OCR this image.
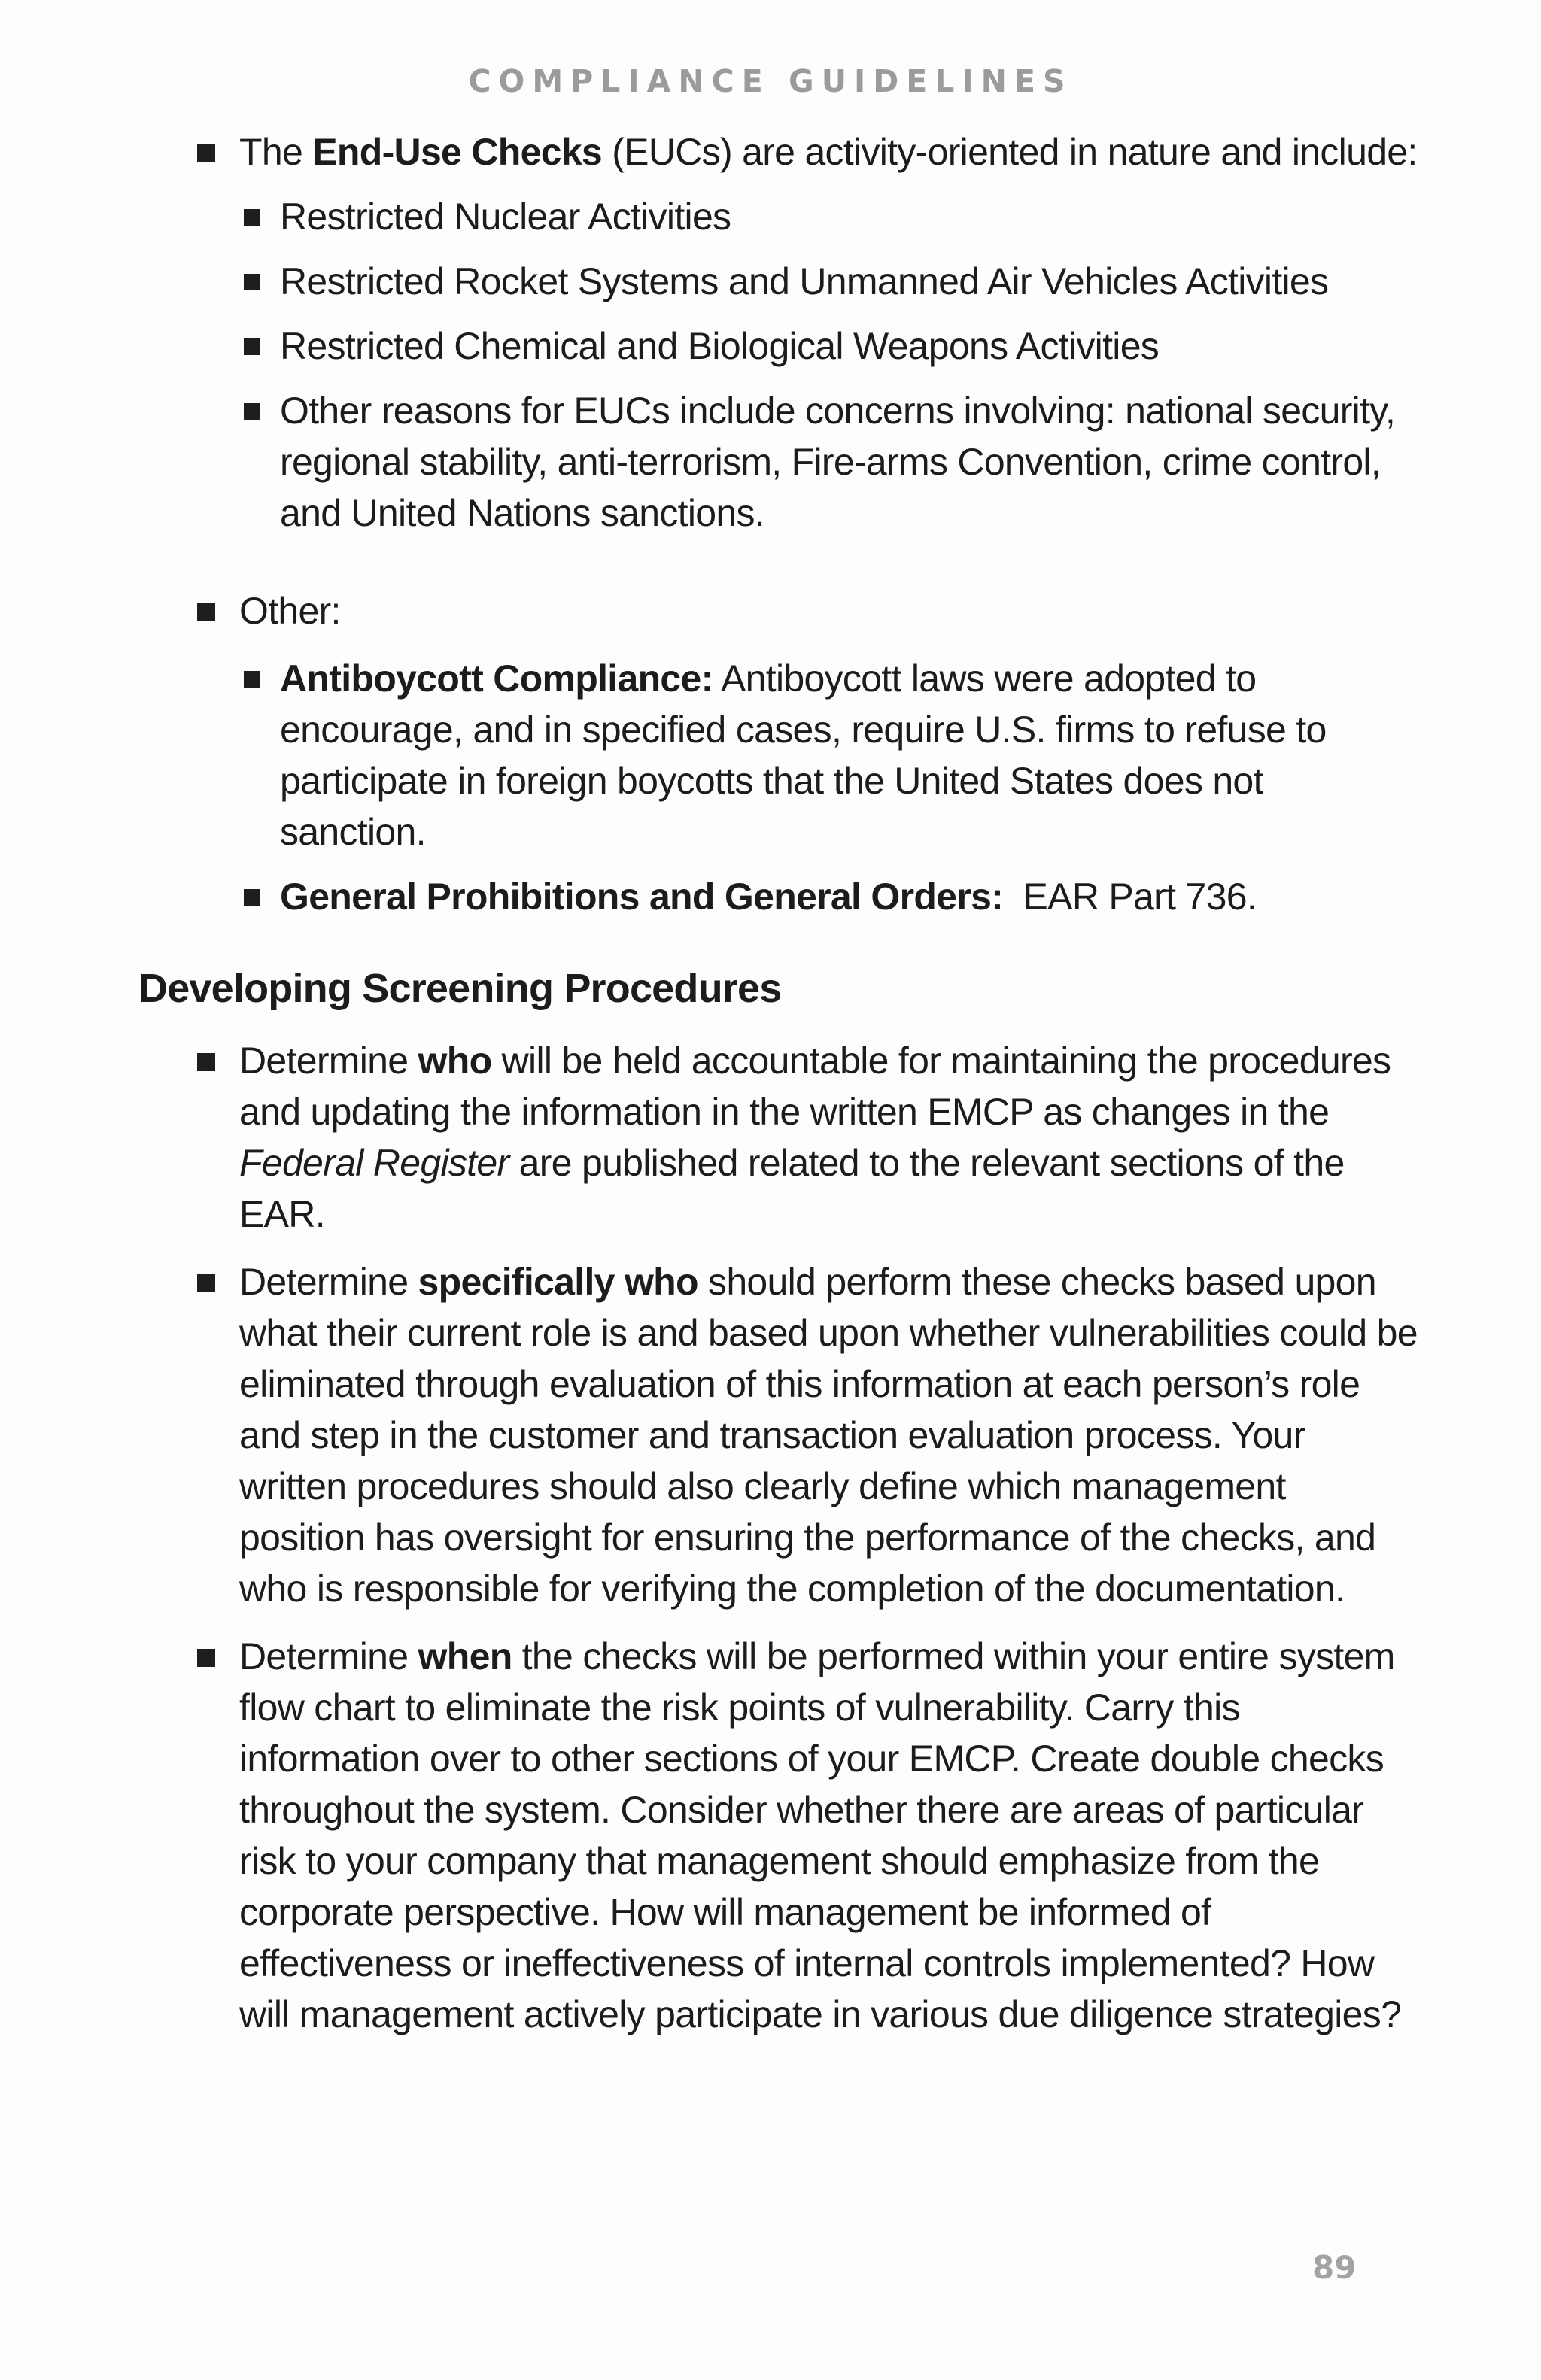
COMPLIANCE GUIDELINES
The End-Use Checks (EUCs) are activity-oriented in nature and include:
Restricted Nuclear Activities
Restricted Rocket Systems and Unmanned Air Vehicles Activities
Restricted Chemical and Biological Weapons Activities
Other reasons for EUCs include concerns involving: national security, regional stability, anti-terrorism, Fire-arms Convention, crime control, and United Nations sanctions.
Other:
Antiboycott Compliance: Antiboycott laws were adopted to encourage, and in specified cases, require U.S. firms to refuse to participate in foreign boycotts that the United States does not sanction.
General Prohibitions and General Orders:  EAR Part 736.
Developing Screening Procedures
Determine who will be held accountable for maintaining the procedures and updating the information in the written EMCP as changes in the Federal Register are published related to the relevant sections of the EAR.
Determine specifically who should perform these checks based upon what their current role is and based upon whether vulnerabilities could be eliminated through evaluation of this information at each person’s role and step in the customer and transaction evaluation process. Your written procedures should also clearly define which management position has oversight for ensuring the performance of the checks, and who is responsible for verifying the completion of the documentation.
Determine when the checks will be performed within your entire system flow chart to eliminate the risk points of vulnerability. Carry this information over to other sections of your EMCP. Create double checks throughout the system. Consider whether there are areas of particular risk to your company that management should emphasize from the corporate perspective. How will management be informed of effectiveness or ineffectiveness of internal controls implemented? How will management actively participate in various due diligence strategies?
89
